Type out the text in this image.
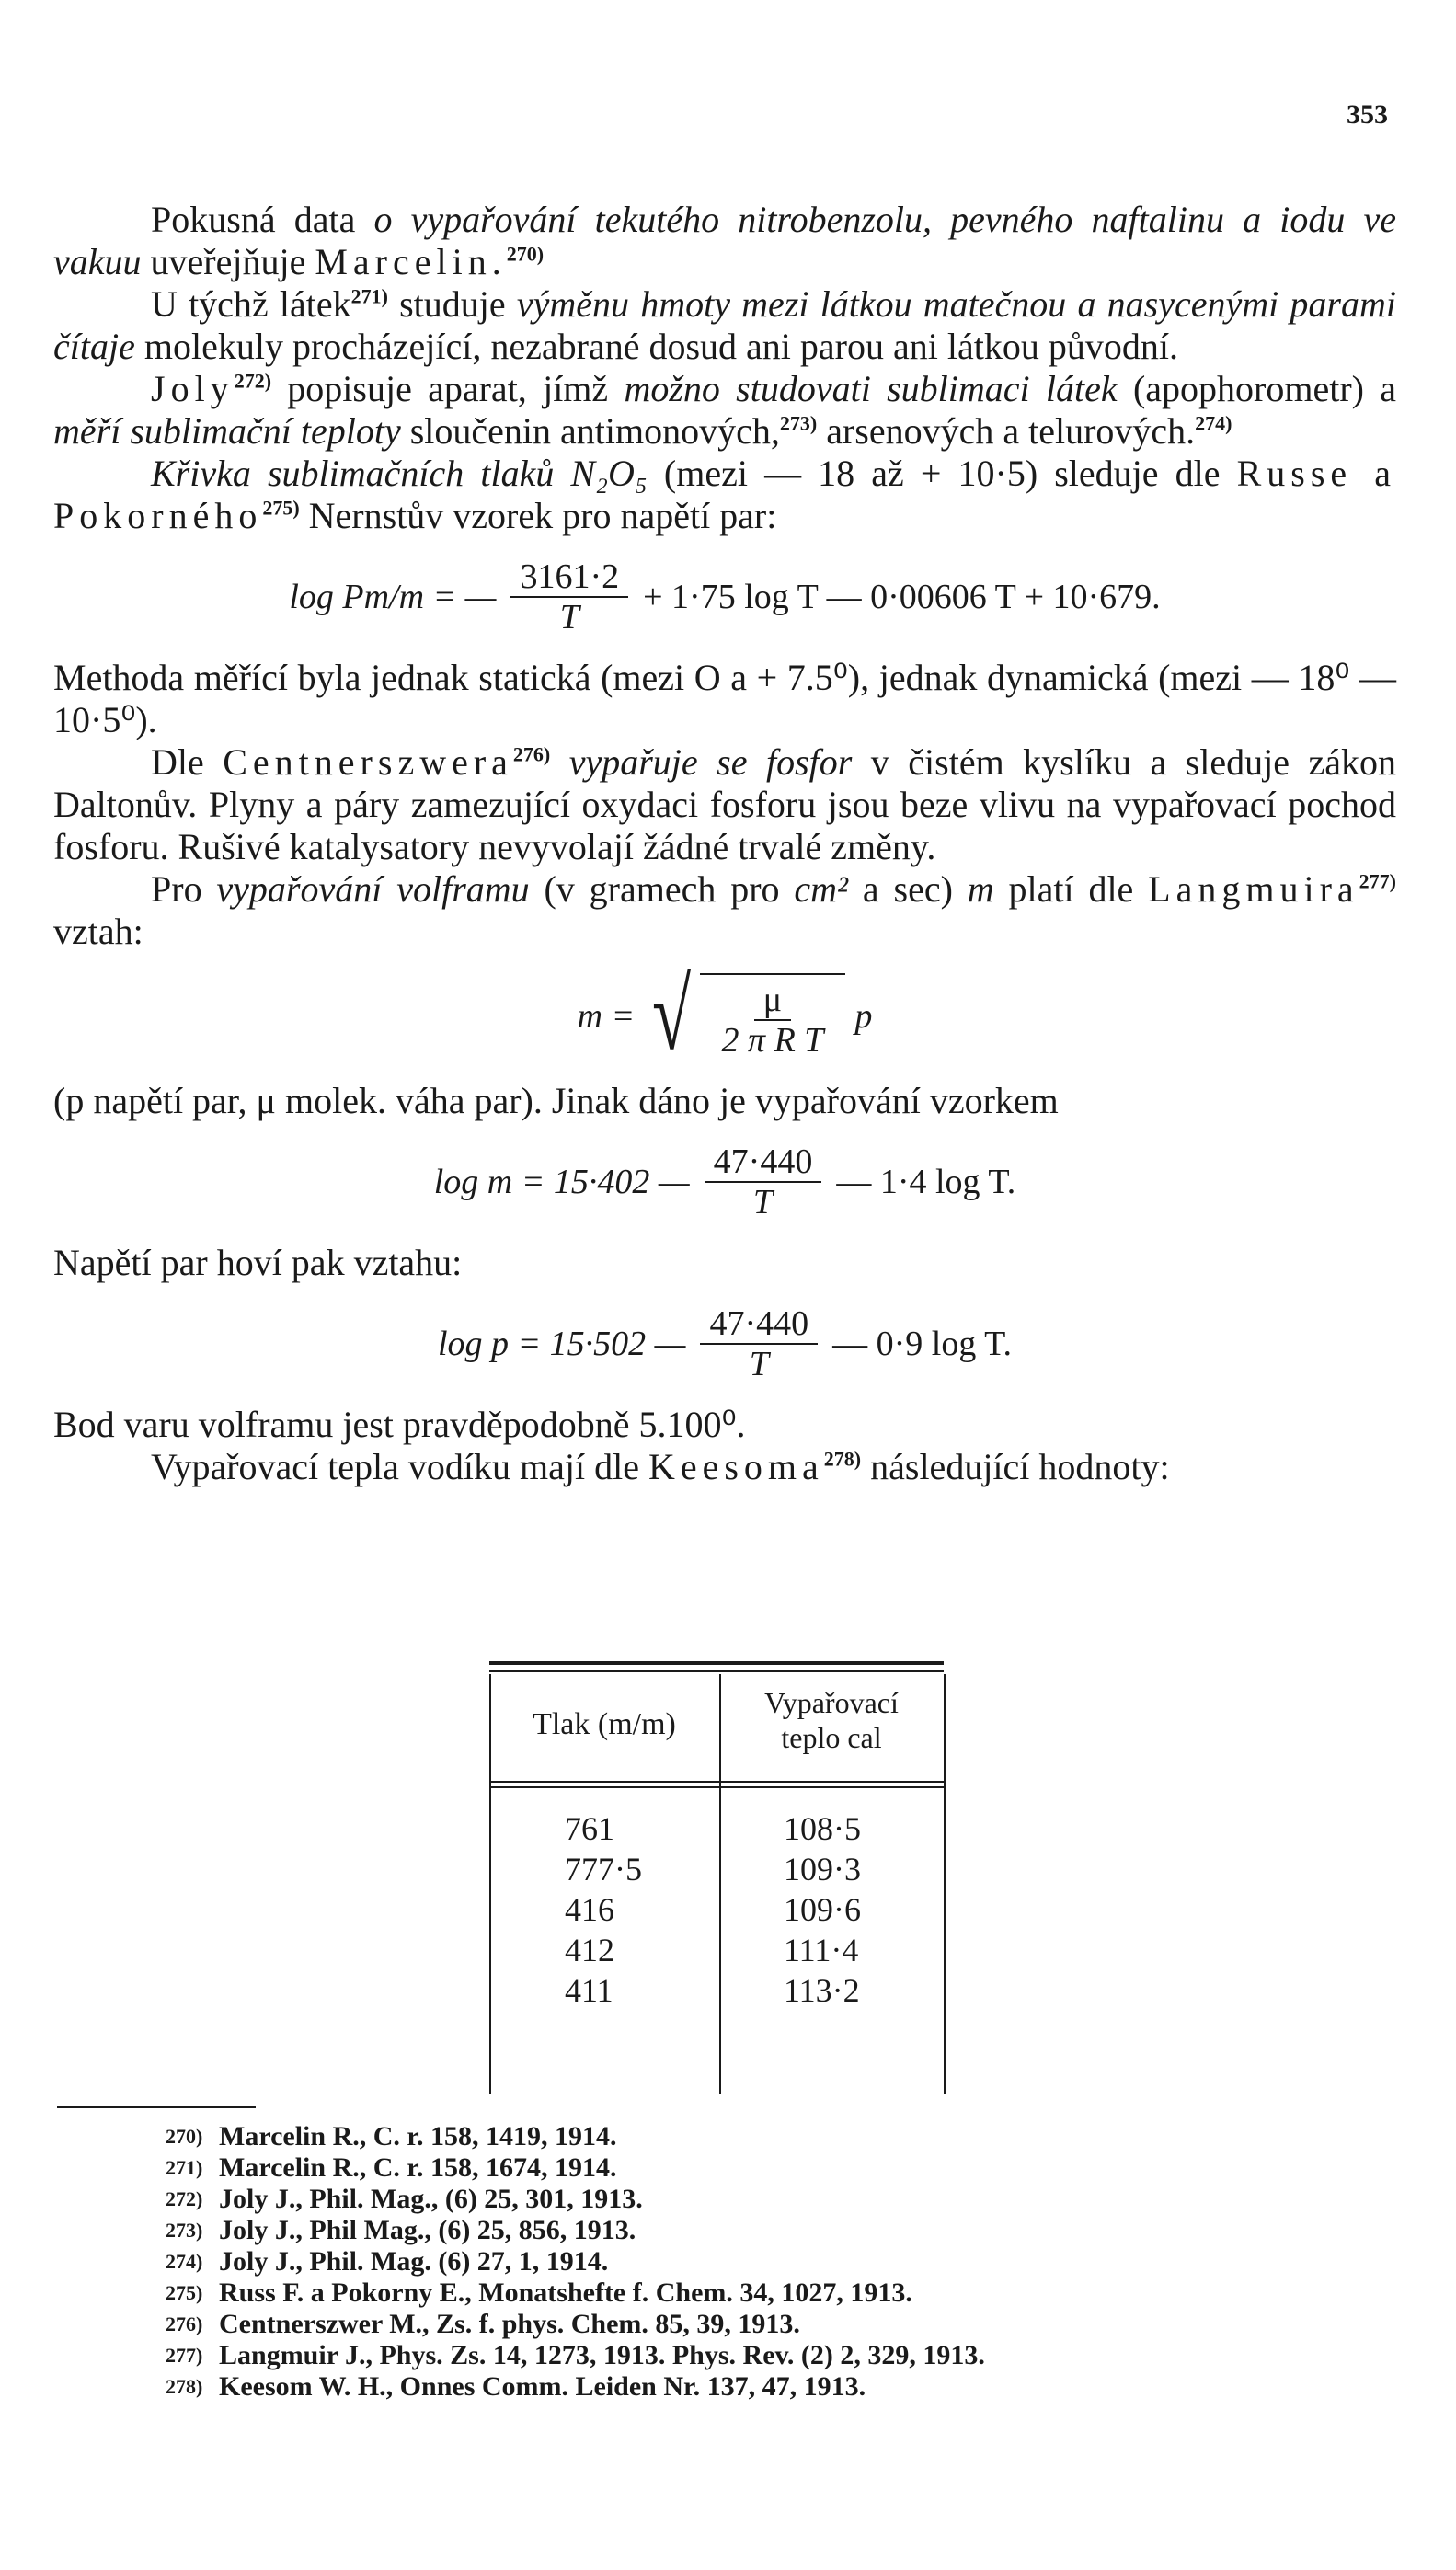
353

Pokusná data o vypařování tekutého nitrobenzolu, pevného naftalinu a iodu ve vakuu uveřejňuje Marcelin.$^{270)}$

U týchž látek$^{271)}$ studuje výměnu hmoty mezi látkou matečnou a nasycenými parami čítaje molekuly procházející, nezabrané dosud ani parou ani látkou původní.

Joly$^{272)}$ popisuje aparat, jímž možno studovati sublimaci látek (apophorometr) a měří sublimační teploty sloučenin antimonových,$^{273)}$ arsenových a telurových.$^{274)}$

Křivka sublimačních tlaků N₂O₅ (mezi — 18 až + 10·5) sleduje dle Russe a Pokorného$^{275)}$ Nernstův vzorek pro napětí par:

log Pm/m = — $\frac{3161\cdot 2}{T} + 1\cdot 75$ log T — 0·00606 T + 10·679.

Methoda měřící byla jednak statická (mezi O a + 7.5⁰), jednak dynamická (mezi — 18⁰ — 10·5⁰).

Dle Centnerszwera$^{276)}$ vypařuje se fosfor v čistém kyslíku a sleduje zákon Daltonův. Plyny a páry zamezující oxydaci fosforu jsou beze vlivu na vypařovací pochod fosforu. Rušivé katalysatory nevyvolají žádné trvalé změny.

Pro vypařování volframu (v gramech pro cm² a sec) m platí dle Langmuira$^{277)}$ vztah:

m = √ $\frac{\mu}{\text{2 π R T}}$ p

(p napětí par, μ molek. váha par). Jinak dáno je vypařování vzorkem

log m = 15·402 — $\frac{47\cdot 440}{T}$ — 1·4 log T.

Napětí par hoví pak vztahu:

log p = 15·502 — $\frac{47\cdot 440}{T}$ — 0·9 log T.

Bod varu volframu jest pravděpodobně 5.100⁰.

Vypařovací tepla vodíku mají dle Keesoma$^{278)}$ následující hodnoty:

Tlak (m/m)
Vypařovací
teplo cal
761
777·5
416
412
411
108·5
109·3
109·6
111·4
113·2
270) Marcelin R., C. r. 158, 1419, 1914.
271) Marcelin R., C. r. 158, 1674, 1914.
272) Joly J., Phil. Mag., (6) 25, 301, 1913.
273) Joly J., Phil Mag., (6) 25, 856, 1913.
274) Joly J., Phil. Mag. (6) 27, 1, 1914.
275) Russ F. a Pokorny E., Monatshefte f. Chem. 34, 1027, 1913.
276) Centnerszwer M., Zs. f. phys. Chem. 85, 39, 1913.
277) Langmuir J., Phys. Zs. 14, 1273, 1913. Phys. Rev. (2) 2, 329, 1913.
278) Keesom W. H., Onnes Comm. Leiden Nr. 137, 47, 1913.
